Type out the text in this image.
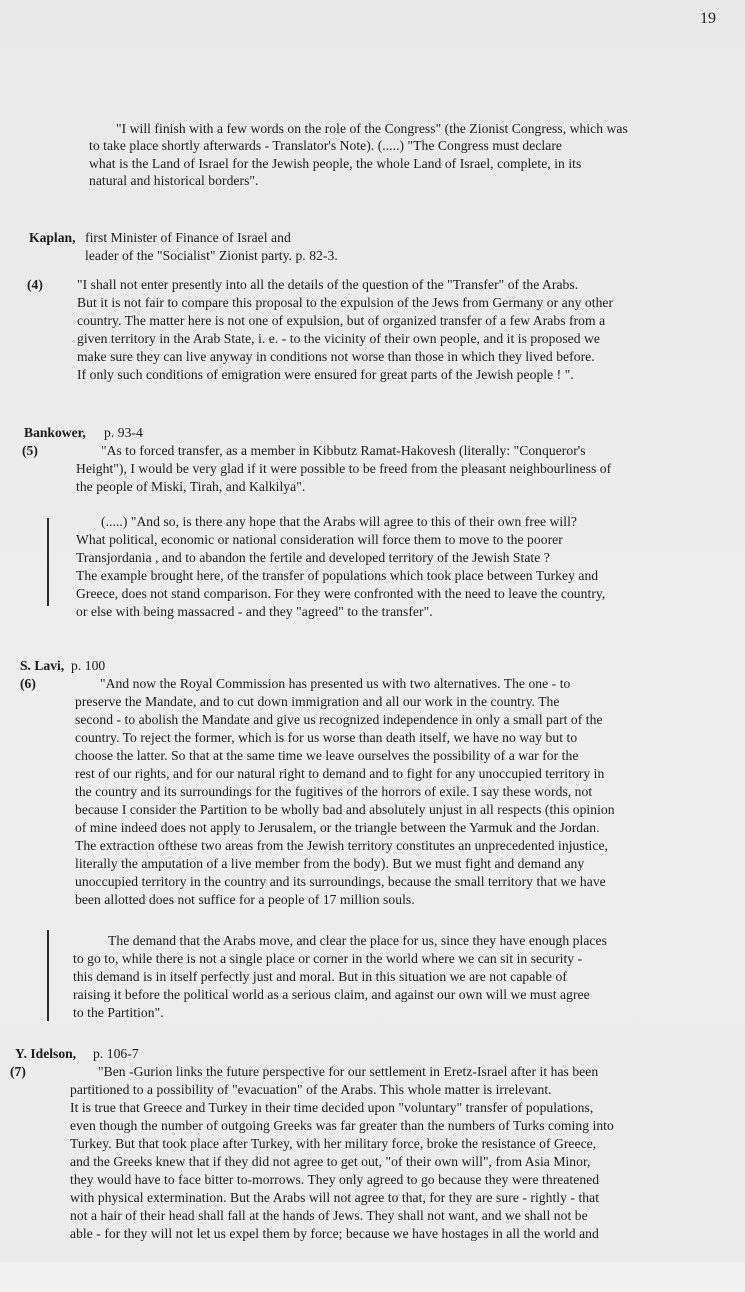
19
"I will finish with a few words on the role of the Congress" (the Zionist Congress, which was
to take place shortly afterwards - Translator's Note). (.....) "The Congress must declare
what is the Land of Israel for the Jewish people, the whole Land of Israel, complete, in its
natural and historical borders".
Kaplan, first Minister of Finance of Israel and
leader of the "Socialist" Zionist party. p. 82-3.
(4)	"I shall not enter presently into all the details of the question of the "Transfer" of the Arabs.
But it is not fair to compare this proposal to the expulsion of the Jews from Germany or any other
country. The matter here is not one of expulsion, but of organized transfer of a few Arabs from a
given territory in the Arab State, i. e. - to the vicinity of their own people, and it is proposed we
make sure they can live anyway in conditions not worse than those in which they lived before.
If only such conditions of emigration were ensured for great parts of the Jewish people ! ".
Bankower, p. 93-4
(5)	"As to forced transfer, as a member in Kibbutz Ramat-Hakovesh (literally: "Conqueror's
Height"), I would be very glad if it were possible to be freed from the pleasant neighbourliness of
the people of Miski, Tirah, and Kalkilya".
(.....) "And so, is there any hope that the Arabs will agree to this of their own free will?
What political, economic or national consideration will force them to move to the poorer
Transjordania , and to abandon the fertile and developed territory of the Jewish State ?
The example brought here, of the transfer of populations which took place between Turkey and
Greece, does not stand comparison. For they were confronted with the need to leave the country,
or else with being massacred - and they "agreed" to the transfer".
S. Lavi, p. 100
(6)	"And now the Royal Commission has presented us with two alternatives. The one - to
preserve the Mandate, and to cut down immigration and all our work in the country. The
second - to abolish the Mandate and give us recognized independence in only a small part of the
country. To reject the former, which is for us worse than death itself, we have no way but to
choose the latter. So that at the same time we leave ourselves the possibility of a war for the
rest of our rights, and for our natural right to demand and to fight for any unoccupied territory in
the country and its surroundings for the fugitives of the horrors of exile. I say these words, not
because I consider the Partition to be wholly bad and absolutely unjust in all respects (this opinion
of mine indeed does not apply to Jerusalem, or the triangle between the Yarmuk and the Jordan.
The extraction ofthese two areas from the Jewish territory constitutes an unprecedented injustice,
literally the amputation of a live member from the body). But we must fight and demand any
unoccupied territory in the country and its surroundings, because the small territory that we have
been allotted does not suffice for a people of 17 million souls.
The demand that the Arabs move, and clear the place for us, since they have enough places
to go to, while there is not a single place or corner in the world where we can sit in security -
this demand is in itself perfectly just and moral. But in this situation we are not capable of
raising it before the political world as a serious claim, and against our own will we must agree
to the Partition".
Y. Idelson, p. 106-7
(7)	"Ben -Gurion links the future perspective for our settlement in Eretz-Israel after it has been
partitioned to a possibility of "evacuation" of the Arabs. This whole matter is irrelevant.
It is true that Greece and Turkey in their time decided upon "voluntary" transfer of populations,
even though the number of outgoing Greeks was far greater than the numbers of Turks coming into
Turkey. But that took place after Turkey, with her military force, broke the resistance of Greece,
and the Greeks knew that if they did not agree to get out, "of their own will", from Asia Minor,
they would have to face bitter to-morrows. They only agreed to go because they were threatened
with physical extermination. But the Arabs will not agree to that, for they are sure - rightly - that
not a hair of their head shall fall at the hands of Jews. They shall not want, and we shall not be
able - for they will not let us expel them by force; because we have hostages in all the world and
